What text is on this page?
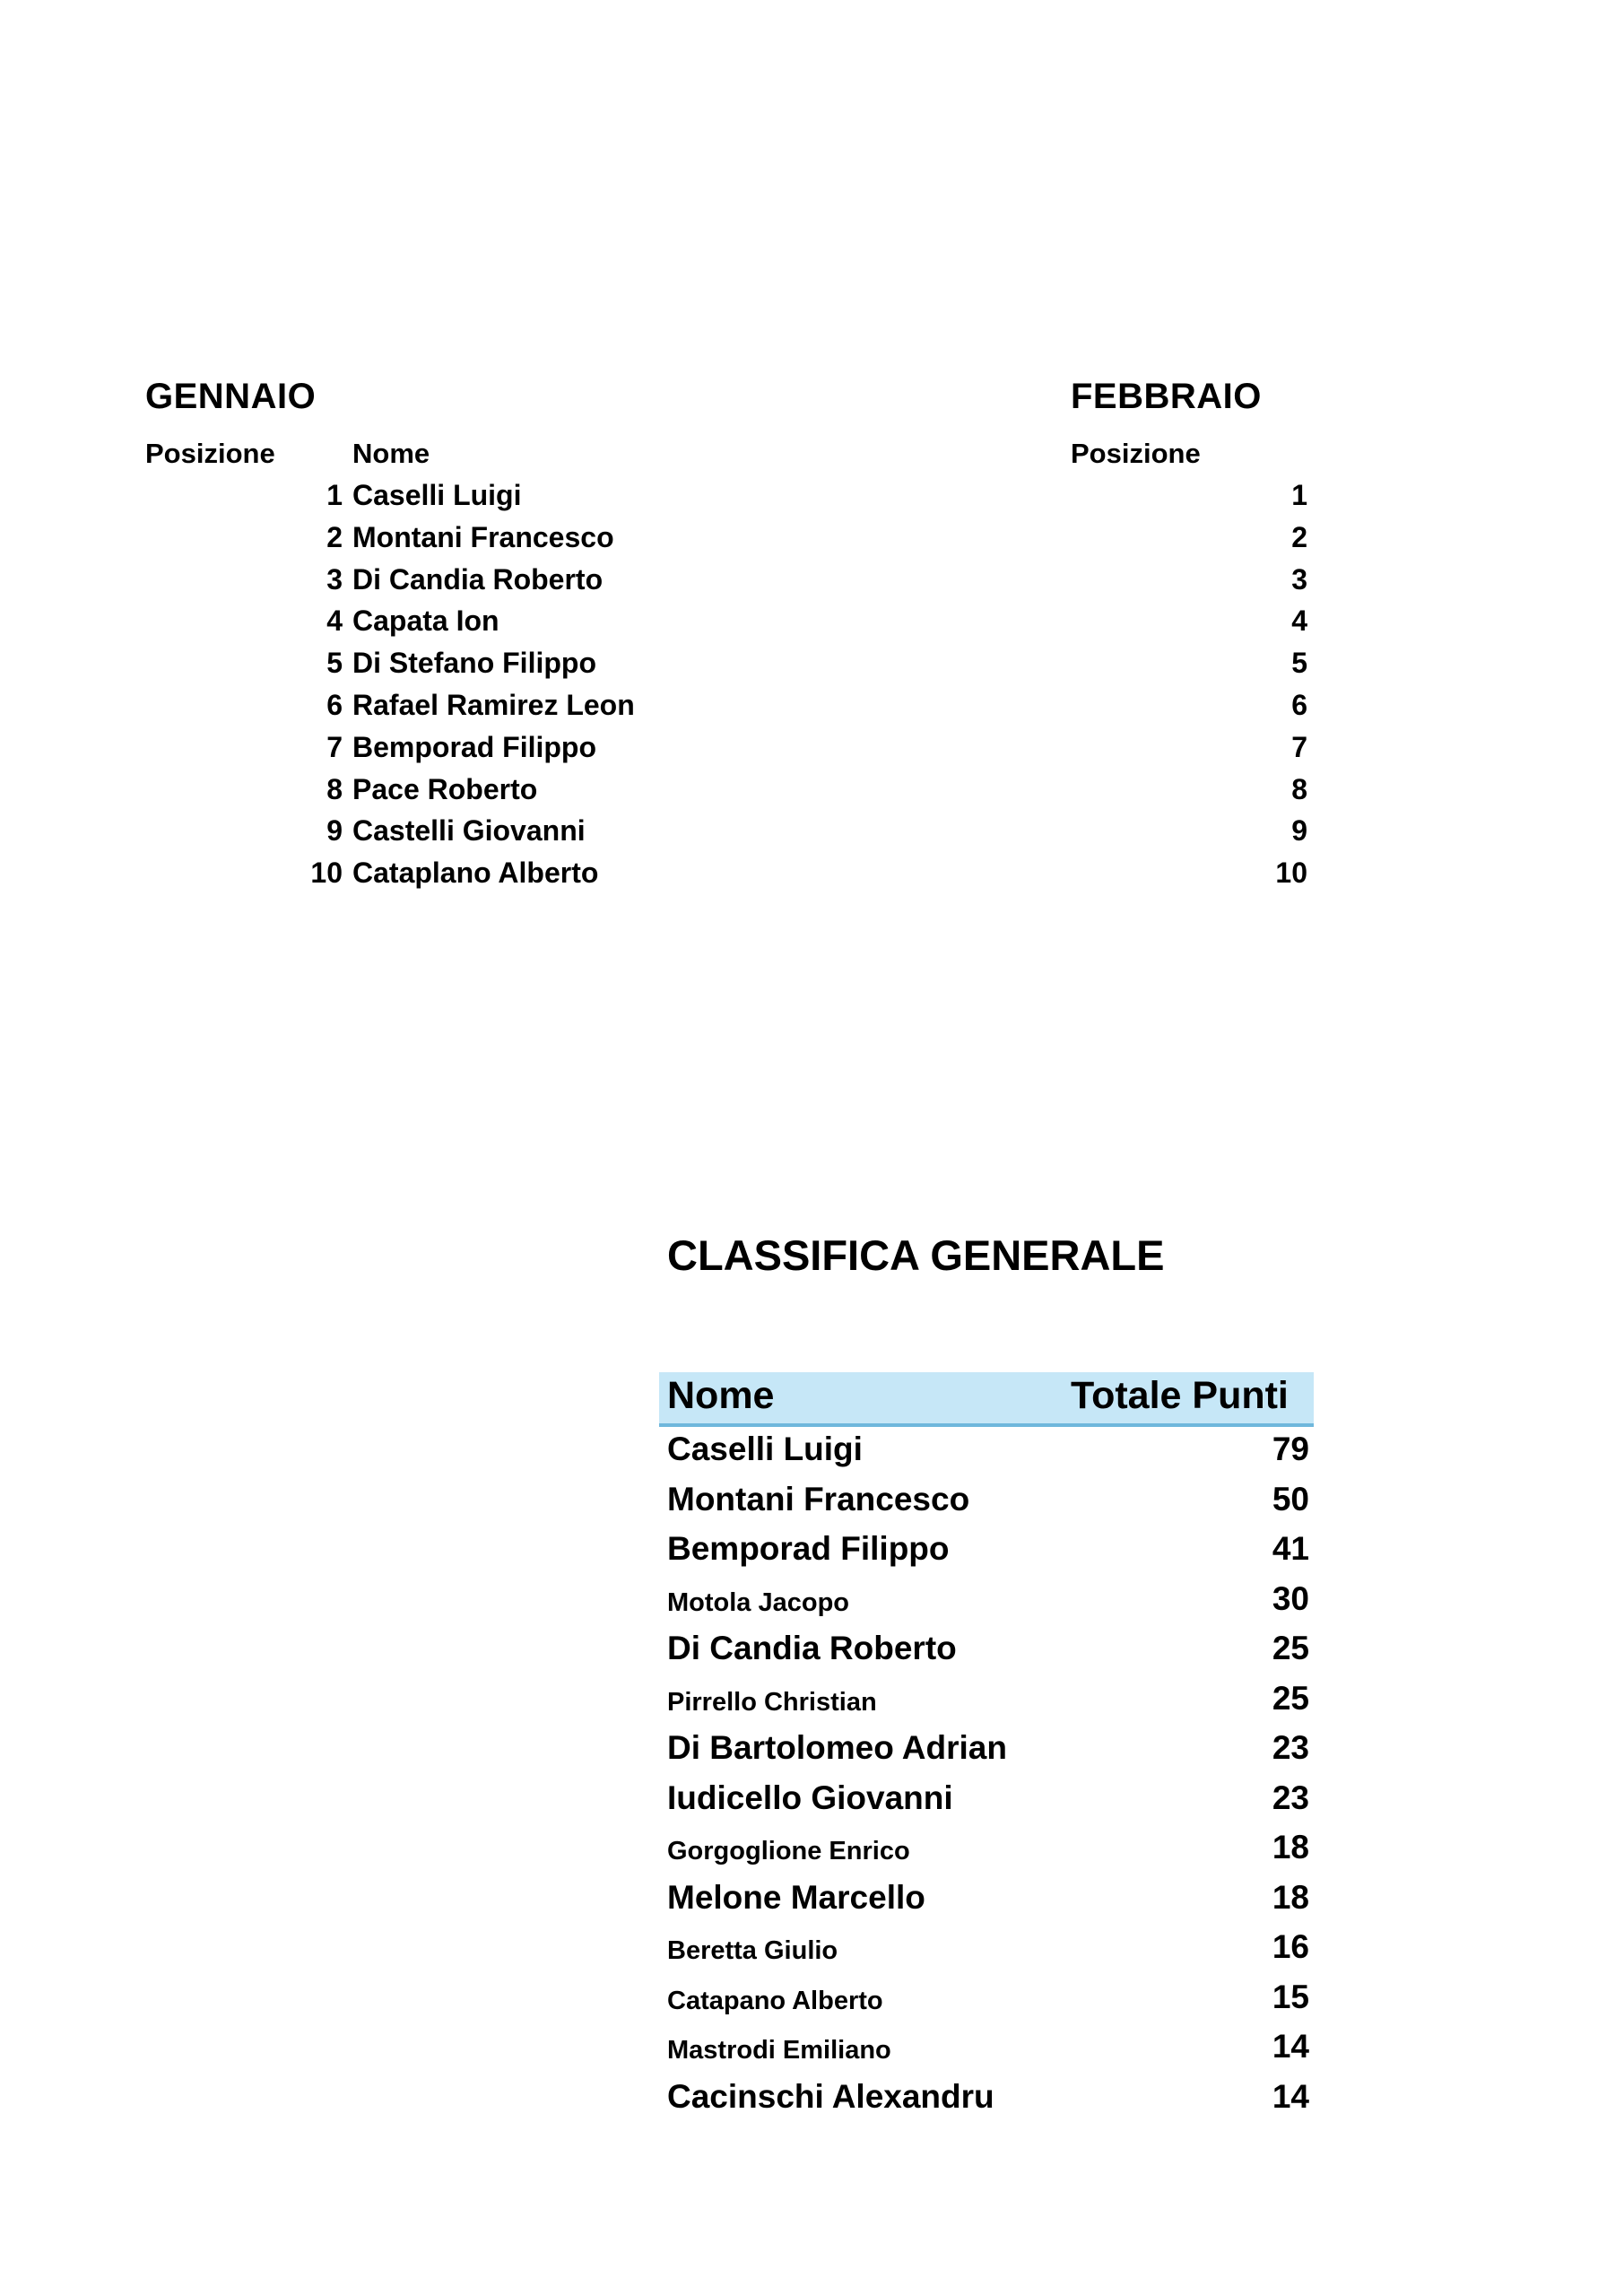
GENNAIO
Posizione	Nome
1 Caselli Luigi
2 Montani Francesco
3 Di Candia Roberto
4 Capata Ion
5 Di Stefano Filippo
6 Rafael Ramirez Leon
7 Bemporad Filippo
8 Pace Roberto
9 Castelli Giovanni
10 Cataplano Alberto
FEBBRAIO
Posizione
1
2
3
4
5
6
7
8
9
10
CLASSIFICA GENERALE
Nome	Totale Punti
Caselli Luigi	79
Montani Francesco	50
Bemporad Filippo	41
Motola Jacopo	30
Di Candia Roberto	25
Pirrello Christian	25
Di Bartolomeo Adrian	23
Iudicello Giovanni	23
Gorgoglione Enrico	18
Melone Marcello	18
Beretta Giulio	16
Catapano Alberto	15
Mastrodi Emiliano	14
Cacinschi Alexandru	14
